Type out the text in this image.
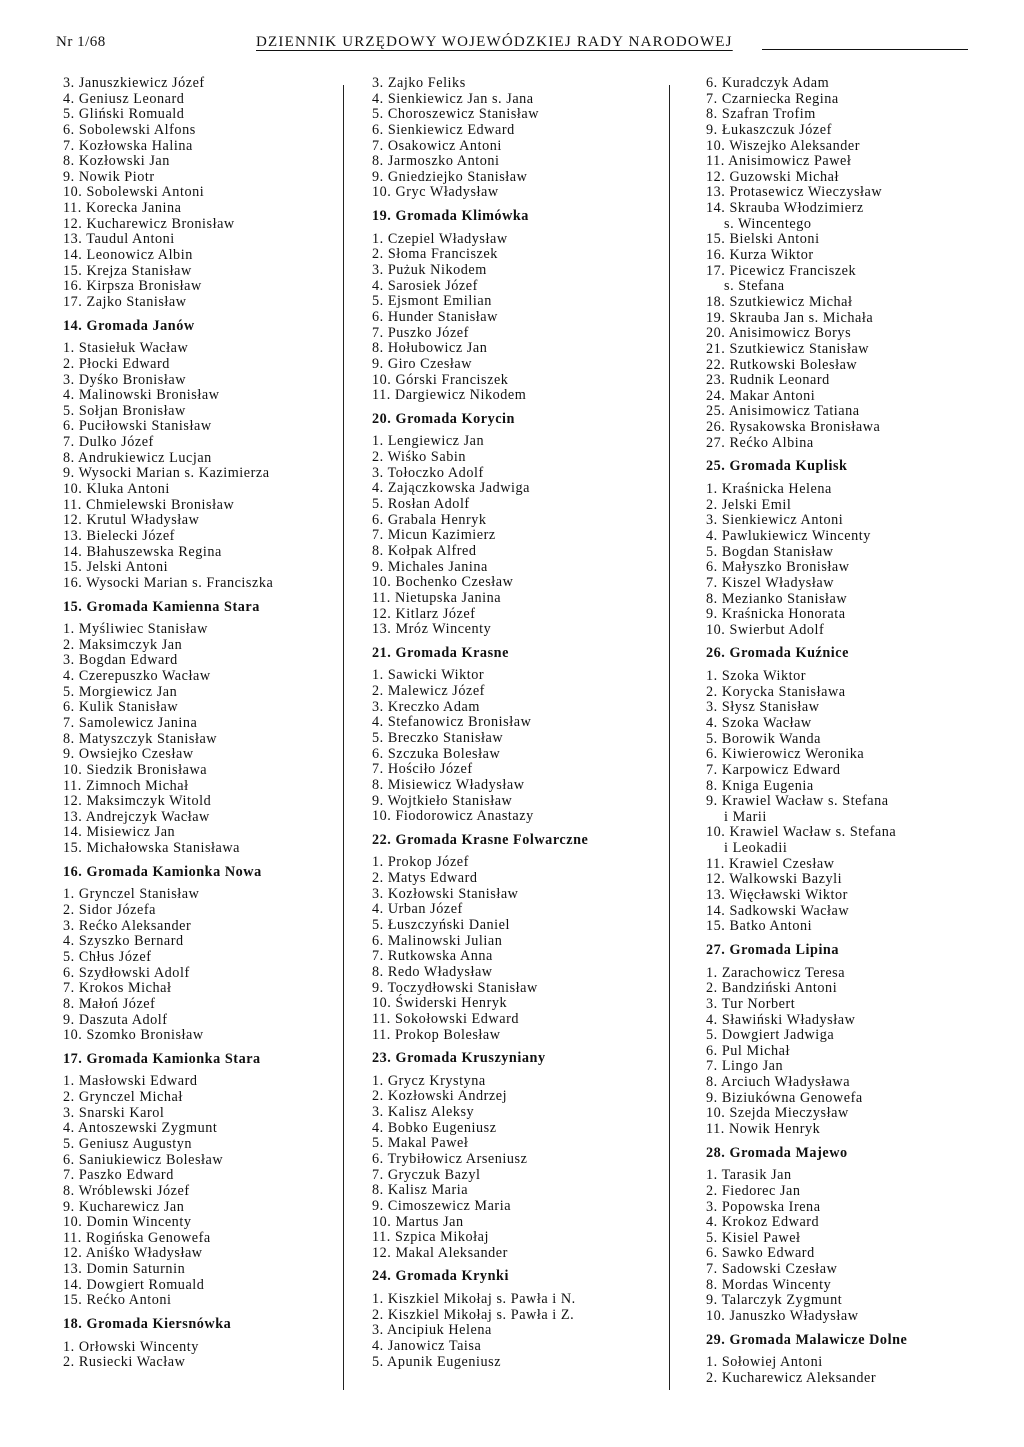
Nr 1/68	DZIENNIK URZĘDOWY WOJEWÓDZKIEJ RADY NARODOWEJ
3. Januszkiewicz Józef
4. Geniusz Leonard
5. Gliński Romuald
6. Sobolewski Alfons
7. Kozłowska Halina
8. Kozłowski Jan
9. Nowik Piotr
10. Sobolewski Antoni
11. Korecka Janina
12. Kucharewicz Bronisław
13. Taudul Antoni
14. Leonowicz Albin
15. Krejza Stanisław
16. Kirpsza Bronisław
17. Zajko Stanisław
14. Gromada Janów
1. Stasiełuk Wacław
2. Płocki Edward
3. Dyśko Bronisław
4. Malinowski Bronisław
5. Sołjan Bronisław
6. Puciłowski Stanisław
7. Dulko Józef
8. Andrukiewicz Lucjan
9. Wysocki Marian s. Kazimierza
10. Kluka Antoni
11. Chmielewski Bronisław
12. Krutul Władysław
13. Bielecki Józef
14. Błahuszewska Regina
15. Jelski Antoni
16. Wysocki Marian s. Franciszka
15. Gromada Kamienna Stara
1. Myśliwiec Stanisław
2. Maksimczyk Jan
3. Bogdan Edward
4. Czerepuszko Wacław
5. Morgiewicz Jan
6. Kulik Stanisław
7. Samolewicz Janina
8. Matyszczyk Stanisław
9. Owsiejko Czesław
10. Siedzik Bronisława
11. Zimnoch Michał
12. Maksimczyk Witold
13. Andrejczyk Wacław
14. Misiewicz Jan
15. Michałowska Stanisława
16. Gromada Kamionka Nowa
1. Grynczel Stanisław
2. Sidor Józefa
3. Rećko Aleksander
4. Szyszko Bernard
5. Chłus Józef
6. Szydłowski Adolf
7. Krokos Michał
8. Małoń Józef
9. Daszuta Adolf
10. Szomko Bronisław
17. Gromada Kamionka Stara
1. Masłowski Edward
2. Grynczel Michał
3. Snarski Karol
4. Antoszewski Zygmunt
5. Geniusz Augustyn
6. Saniukiewicz Bolesław
7. Paszko Edward
8. Wróblewski Józef
9. Kucharewicz Jan
10. Domin Wincenty
11. Rogińska Genowefa
12. Aniśko Władysław
13. Domin Saturnin
14. Dowgiert Romuald
15. Rećko Antoni
18. Gromada Kiersnówka
1. Orłowski Wincenty
2. Rusiecki Wacław
3. Zajko Feliks
4. Sienkiewicz Jan s. Jana
5. Choroszewicz Stanisław
6. Sienkiewicz Edward
7. Osakowicz Antoni
8. Jarmoszko Antoni
9. Gniedziejko Stanisław
10. Gryc Władysław
19. Gromada Klimówka
1. Czepiel Władysław
2. Słoma Franciszek
3. Pużuk Nikodem
4. Sarosiek Józef
5. Ejsmont Emilian
6. Hunder Stanisław
7. Puszko Józef
8. Hołubowicz Jan
9. Giro Czesław
10. Górski Franciszek
11. Dargiewicz Nikodem
20. Gromada Korycin
1. Lengiewicz Jan
2. Wiśko Sabin
3. Tołoczko Adolf
4. Zajączkowska Jadwiga
5. Rosłan Adolf
6. Grabala Henryk
7. Micun Kazimierz
8. Kołpak Alfred
9. Michales Janina
10. Bochenko Czesław
11. Nietupska Janina
12. Kitlarz Józef
13. Mróz Wincenty
21. Gromada Krasne
1. Sawicki Wiktor
2. Malewicz Józef
3. Kreczko Adam
4. Stefanowicz Bronisław
5. Breczko Stanisław
6. Szczuka Bolesław
7. Hościło Józef
8. Misiewicz Władysław
9. Wojtkieło Stanisław
10. Fiodorowicz Anastazy
22. Gromada Krasne Folwarczne
1. Prokop Józef
2. Matys Edward
3. Kozłowski Stanisław
4. Urban Józef
5. Łuszczyński Daniel
6. Malinowski Julian
7. Rutkowska Anna
8. Redo Władysław
9. Toczydłowski Stanisław
10. Świderski Henryk
11. Sokołowski Edward
11. Prokop Bolesław
23. Gromada Kruszyniany
1. Grycz Krystyna
2. Kozłowski Andrzej
3. Kalisz Aleksy
4. Bobko Eugeniusz
5. Makal Paweł
6. Trybiłowicz Arseniusz
7. Gryczuk Bazyl
8. Kalisz Maria
9. Cimoszewicz Maria
10. Martus Jan
11. Szpica Mikołaj
12. Makal Aleksander
24. Gromada Krynki
1. Kiszkiel Mikołaj s. Pawła i N.
2. Kiszkiel Mikołaj s. Pawła i Z.
3. Ancipiuk Helena
4. Janowicz Taisa
5. Apunik Eugeniusz
6. Kuradczyk Adam
7. Czarniecka Regina
8. Szafran Trofim
9. Łukaszczuk Józef
10. Wiszejko Aleksander
11. Anisimowicz Paweł
12. Guzowski Michał
13. Protasewicz Wieczysław
14. Skrauba Włodzimierz
s. Wincentego
15. Bielski Antoni
16. Kurza Wiktor
17. Picewicz Franciszek
s. Stefana
18. Szutkiewicz Michał
19. Skrauba Jan s. Michała
20. Anisimowicz Borys
21. Szutkiewicz Stanisław
22. Rutkowski Bolesław
23. Rudnik Leonard
24. Makar Antoni
25. Anisimowicz Tatiana
26. Rysakowska Bronisława
27. Rećko Albina
25. Gromada Kuplisk
1. Kraśnicka Helena
2. Jelski Emil
3. Sienkiewicz Antoni
4. Pawlukiewicz Wincenty
5. Bogdan Stanisław
6. Małyszko Bronisław
7. Kiszel Władysław
8. Mezianko Stanisław
9. Kraśnicka Honorata
10. Swierbut Adolf
26. Gromada Kuźnice
1. Szoka Wiktor
2. Korycka Stanisława
3. Słysz Stanisław
4. Szoka Wacław
5. Borowik Wanda
6. Kiwierowicz Weronika
7. Karpowicz Edward
8. Kniga Eugenia
9. Krawiel Wacław s. Stefana
i Marii
10. Krawiel Wacław s. Stefana
i Leokadii
11. Krawiel Czesław
12. Walkowski Bazyli
13. Więcławski Wiktor
14. Sadkowski Wacław
15. Batko Antoni
27. Gromada Lipina
1. Zarachowicz Teresa
2. Bandziński Antoni
3. Tur Norbert
4. Sławiński Władysław
5. Dowgiert Jadwiga
6. Pul Michał
7. Lingo Jan
8. Arciuch Władysława
9. Biziukówna Genowefa
10. Szejda Mieczysław
11. Nowik Henryk
28. Gromada Majewo
1. Tarasik Jan
2. Fiedorec Jan
3. Popowska Irena
4. Krokoz Edward
5. Kisiel Paweł
6. Sawko Edward
7. Sadowski Czesław
8. Mordas Wincenty
9. Talarczyk Zygmunt
10. Januszko Władysław
29. Gromada Malawicze Dolne
1. Sołowiej Antoni
2. Kucharewicz Aleksander
